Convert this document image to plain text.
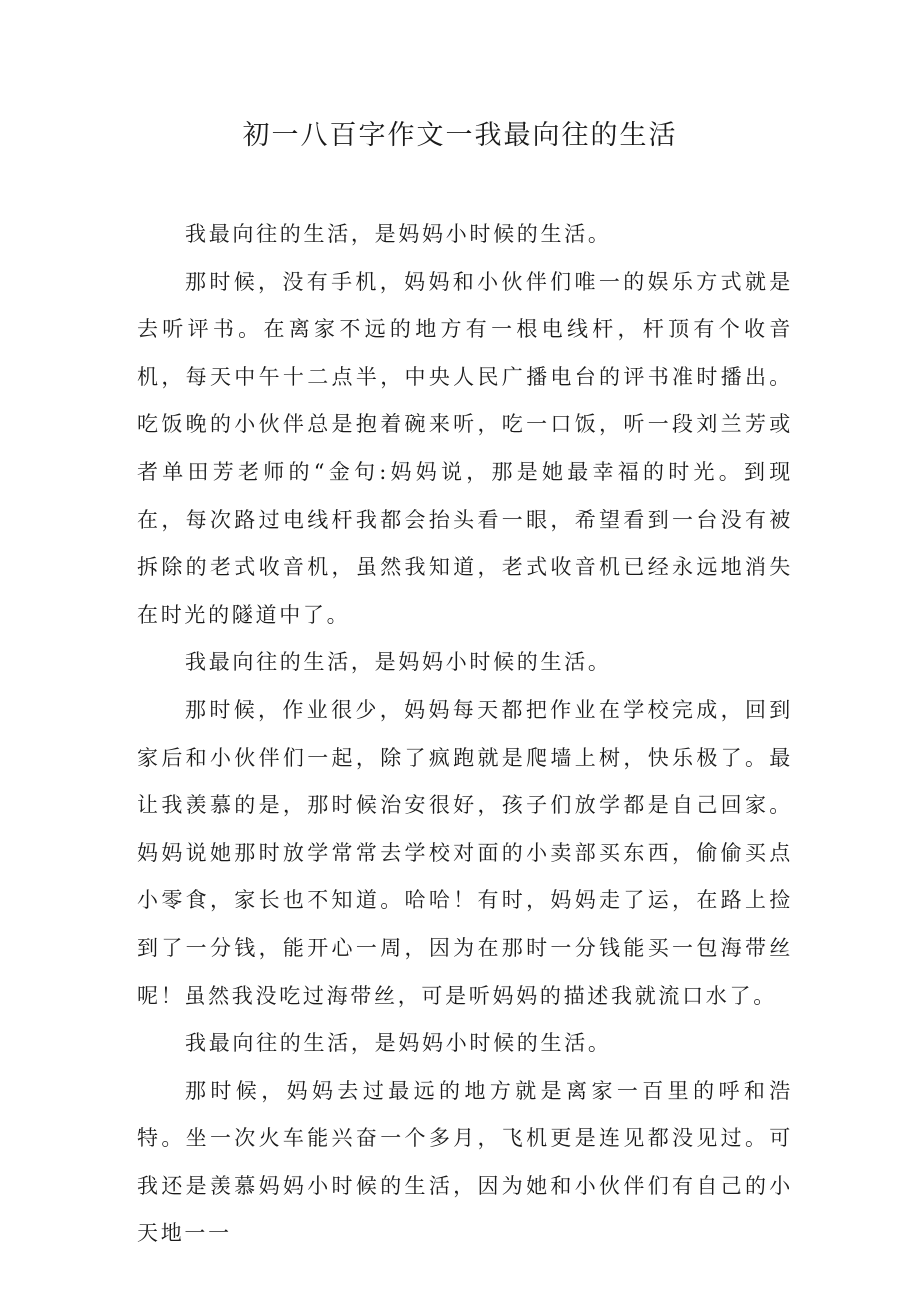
初一八百字作文一我最向往的生活

我最向往的生活，是妈妈小时候的生活。

那时候，没有手机，妈妈和小伙伴们唯一的娱乐方式就是去听评书。在离家不远的地方有一根电线杆，杆顶有个收音机，每天中午十二点半，中央人民广播电台的评书准时播出。吃饭晚的小伙伴总是抱着碗来听，吃一口饭，听一段刘兰芳或者单田芳老师的“金句:妈妈说，那是她最幸福的时光。到现在，每次路过电线杆我都会抬头看一眼，希望看到一台没有被拆除的老式收音机，虽然我知道，老式收音机已经永远地消失在时光的隧道中了。

我最向往的生活，是妈妈小时候的生活。

那时候，作业很少，妈妈每天都把作业在学校完成，回到家后和小伙伴们一起，除了疯跑就是爬墙上树，快乐极了。最让我羡慕的是，那时候治安很好，孩子们放学都是自己回家。妈妈说她那时放学常常去学校对面的小卖部买东西，偷偷买点小零食，家长也不知道。哈哈！有时，妈妈走了运，在路上捡到了一分钱，能开心一周，因为在那时一分钱能买一包海带丝呢！虽然我没吃过海带丝，可是听妈妈的描述我就流口水了。

我最向往的生活，是妈妈小时候的生活。

那时候，妈妈去过最远的地方就是离家一百里的呼和浩特。坐一次火车能兴奋一个多月，飞机更是连见都没见过。可我还是羡慕妈妈小时候的生活，因为她和小伙伴们有自己的小天地一一
